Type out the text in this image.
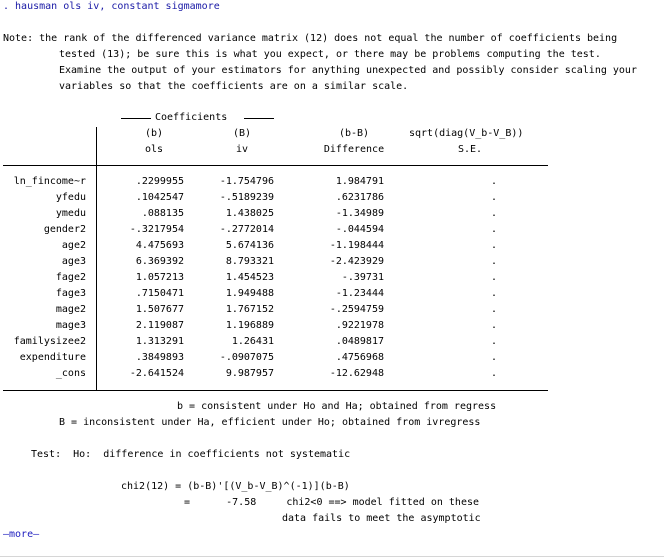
. hausman ols iv, constant sigmamore
Note: the rank of the differenced variance matrix (12) does not equal the number of coefficients being
tested (13); be sure this is what you expect, or there may be problems computing the test.
Examine the output of your estimators for anything unexpected and possibly consider scaling your
variables so that the coefficients are on a similar scale.
Coefficients
(b)	(B)	(b-B)	sqrt(diag(V_b-V_B))
ols	iv	Difference	S.E.
ln_fincome~r	.2299955	-1.754796	1.984791	.
yfedu	.1042547	-.5189239	.6231786	.
ymedu	.088135	1.438025	-1.34989	.
gender2	-.3217954	-.2772014	-.044594	.
age2	4.475693	5.674136	-1.198444	.
age3	6.369392	8.793321	-2.423929	.
fage2	1.057213	1.454523	-.39731	.
fage3	.7150471	1.949488	-1.23444	.
mage2	1.507677	1.767152	-.2594759	.
mage3	2.119087	1.196889	.9221978	.
familysizee2	1.313291	1.26431	.0489817	.
expenditure	.3849893	-.0907075	.4756968	.
_cons	-2.641524	9.987957	-12.62948	.
b = consistent under Ho and Ha; obtained from regress
B = inconsistent under Ha, efficient under Ho; obtained from ivregress
Test:  Ho:  difference in coefficients not systematic
chi2(12) = (b-B)'[(V_b-V_B)^(-1)](b-B)
=      -7.58     chi2<0 ==> model fitted on these
data fails to meet the asymptotic
—more—
